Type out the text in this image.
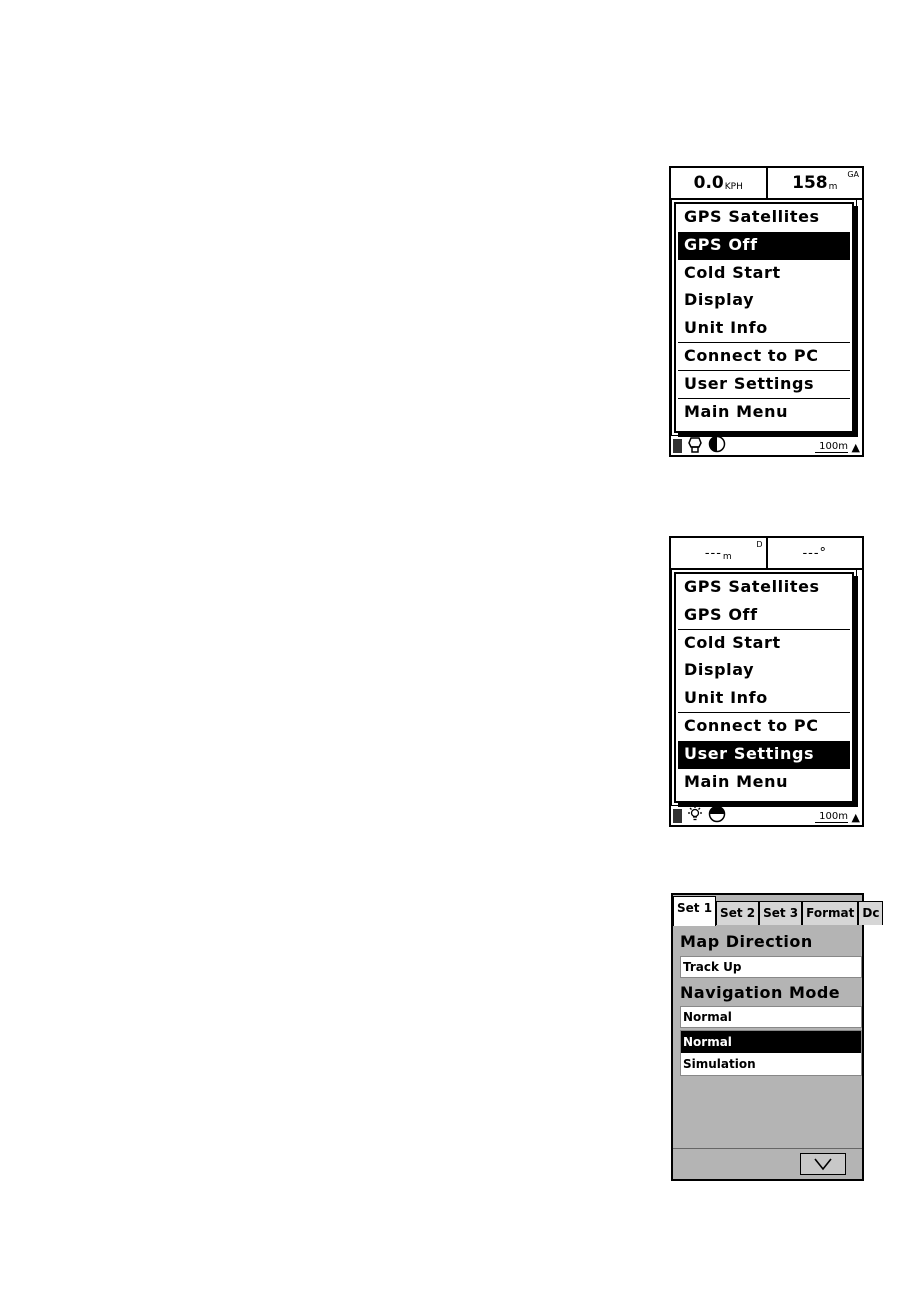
0.0 KPH	158 m
GA
GPS Satellites
GPS Off
Cold Start
Display
Unit Info
Connect to PC
User Settings
Main Menu
100m ▲
--- m
D
---°
GPS Satellites
GPS Off
Cold Start
Display
Unit Info
Connect to PC
User Settings
Main Menu
100m ▲
Set 1 Set 2 Set 3 Format Dc
Map Direction
Track Up
Navigation Mode
Normal
Normal
Simulation
